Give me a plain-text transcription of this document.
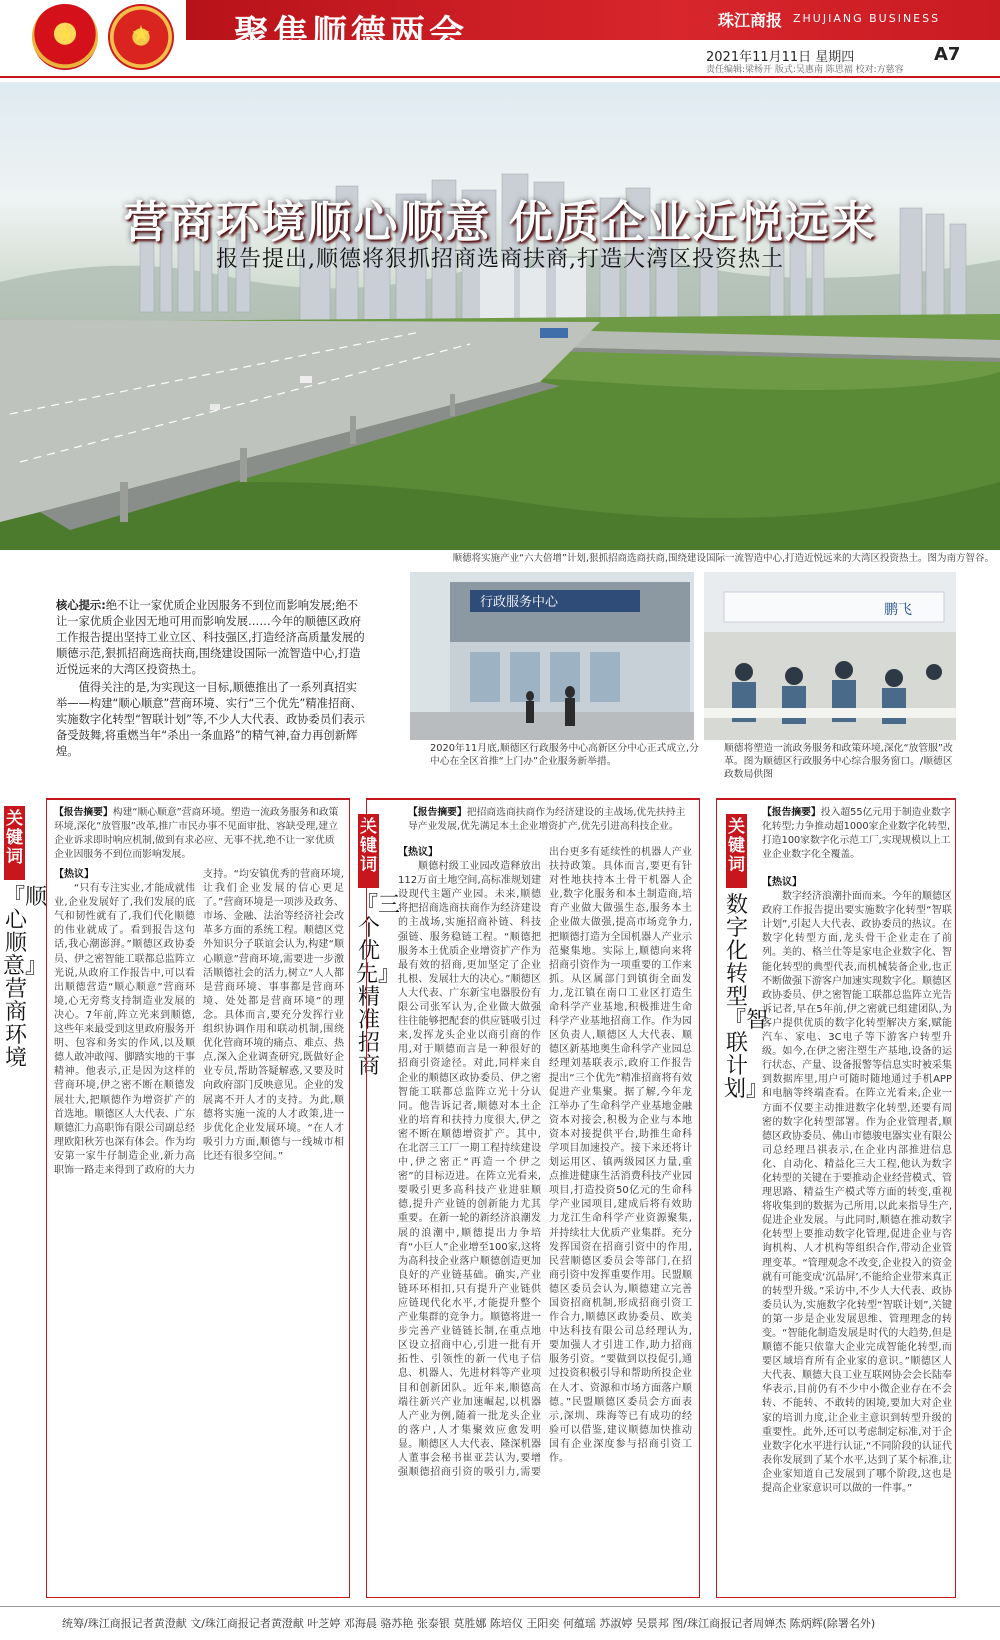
★
★
聚焦顺德两会	珠江商报 ZHUJIANG BUSINESS
2021年11月11日 星期四	A7
责任编辑:梁杨开 版式:吴惠南 陈思福 校对:方慈容
营商环境顺心顺意 优质企业近悦远来
报告提出,顺德将狠抓招商选商扶商,打造大湾区投资热土
顺德将实施产业“六大倍增”计划,狠抓招商选商扶商,围绕建设国际一流智造中心,打造近悦远来的大湾区投资热土。图为南方智谷。

核心提示:绝不让一家优质企业因服务不到位而影响发展;绝不让一家优质企业因无地可用而影响发展……今年的顺德区政府工作报告提出坚持工业立区、科技强区,打造经济高质量发展的顺德示范,狠抓招商选商扶商,围绕建设国际一流智造中心,打造近悦远来的大湾区投资热土。

值得关注的是,为实现这一目标,顺德推出了一系列真招实举——构建“顺心顺意”营商环境、实行“三个优先”精准招商、实施数字化转型“智联计划”等,不少人大代表、政协委员们表示备受鼓舞,将重燃当年“杀出一条血路”的精气神,奋力再创新辉煌。

行政服务中心
2020年11月底,顺德区行政服务中心高新区分中心正式成立,分中心在全区首推“上门办”企业服务新举措。
鹏飞
顺德将塑造一流政务服务和政策环境,深化“放管服”改革。图为顺德区行政服务中心综合服务窗口。/顺德区政数局供图
关键词
『顺心顺意』营商环境
【报告摘要】构建“顺心顺意”营商环境。塑造一流政务服务和政策环境,深化“放管服”改革,推广市民办事不见面审批、容缺受理,建立企业诉求即时响应机制,做到有求必应、无事不扰,绝不让一家优质企业因服务不到位而影响发展。
【热议】
“只有专注实业,才能成就伟业,企业发展好了,我们发展的底气和韧性就有了,我们代化顺德的伟业就成了。看到报告这句话,我心潮澎湃。”顺德区政协委员、伊之密智能工联都总监阵立光说,从政府工作报告中,可以看出顺德营造“顺心顺意”营商环境,心无旁骛支持制造业发展的决心。7年前,阵立光来到顺德,这些年来最受到这里政府服务开明、包容和务实的作风,以及顺德人敢冲敢闯、脚踏实地的干事精神。他表示,正是因为这样的营商环境,伊之密不断在顺德发展壮大,把顺德作为增资扩产的首选地。顺德区人大代表、广东顺德汇力高职饰有限公司副总经理欧阳秋芳也深有体会。作为均安第一家牛仔制造企业,新力高职饰一路走来得到了政府的大力支持。“均安镇优秀的营商环境,让我们企业发展的信心更足了。”营商环境是一项涉及政务、市场、金融、法治等经济社会改革多方面的系统工程。顺德区党外知识分子联谊会认为,构建“顺心顺意”营商环境,需要进一步激活顺德社会的活力,树立“人人都是营商环境、事事都是营商环境、处处都是营商环境”的理念。具体而言,要充分发挥行业组织协调作用和联动机制,围绕优化营商环境的痛点、难点、热点,深入企业调查研究,既做好企业专员,帮助答疑解惑,又要及时向政府部门反映意见。企业的发展离不开人才的支持。为此,顺德将实施一流的人才政策,进一步优化企业发展环境。“在人才吸引力方面,顺德与一线城市相比还有很多空间。”
关键词
『三个优先』精准招商
【报告摘要】把招商选商扶商作为经济建设的主战场,优先扶持主导产业发展,优先满足本土企业增资扩产,优先引进高科技企业。
【热议】
顺德村级工业园改造释放出112万亩土地空间,高标准规划建设现代主题产业园。未来,顺德将把招商选商扶商作为经济建设的主战场,实施招商补链、科技强链、服务稳链工程。“顺德把服务本土优质企业增资扩产作为最有效的招商,更加坚定了企业扎根、发展壮大的决心。”顺德区人大代表、广东新宝电器股份有限公司张军认为,企业做大做强往往能够把配套的供应链吸引过来,发挥龙头企业以商引商的作用,对于顺德而言是一种很好的招商引资途径。对此,同样来自企业的顺德区政协委员、伊之密智能工联都总监阵立光十分认同。他告诉记者,顺德对本土企业的培育和扶持力度很大,伊之密不断在顺德增资扩产。其中,在北滘三工厂一期工程持续建设中,伊之密正“再造一个伊之密”的目标迈进。在阵立光看来,要吸引更多高科技产业进驻顺德,提升产业链的创新能力尤其重要。在新一轮的新经济浪潮发展的浪潮中,顺德提出力争培育“小巨人”企业增至100家,这将为高科技企业落户顺德创造更加良好的产业链基础。确实,产业链环环相扣,只有提升产业链供应链现代化水平,才能提升整个产业集群的竞争力。顺德将进一步完善产业链链长制,在重点地区设立招商中心,引进一批有开拓性、引领性的新一代电子信息、机器人、先进材料等产业项目和创新团队。近年来,顺德高端往新兴产业加速崛起,以机器人产业为例,随着一批龙头企业的落户,人才集聚效应愈发明显。顺德区人大代表、隆深机器人董事会秘书崔亚芸认为,要增强顺德招商引资的吸引力,需要出台更多有延续性的机器人产业扶持政策。具体而言,要更有针对性地扶持本土骨干机器人企业,数字化服务和本土制造商,培育产业做大做强生态,服务本土企业做大做强,提高市场竞争力,把顺德打造为全国机器人产业示范聚集地。实际上,顺德向来将招商引资作为一项重要的工作来抓。从区属部门到镇街全面发力,龙江镇在南口工业区打造生命科学产业基地,积极推进生命科学产业基地招商工作。作为园区负责人,顺德区人大代表、顺德区新基地奥生命科学产业园总经理刘基联表示,政府工作报告提出“三个优先”精准招商将有效促进产业集聚。据了解,今年龙江举办了生命科学产业基地金融资本对接会,积极为企业与本地资本对接提供平台,助推生命科学项目加速投产。接下来还将计划运用区、镇两级园区力量,重点推进健康生活消费科技产业园项目,打造投资50亿元的生命科学产业园项目,建成后将有效助力龙江生命科学产业资源聚集,并持续壮大优质产业集群。充分发挥国资在招商引资中的作用,民营顺德区委员会等部门,在招商引资中发挥重要作用。民盟顺德区委员会认为,顺德建立完善国资招商机制,形成招商引资工作合力,顺德区政协委员、欧美中达科技有限公司总经理认为,要加强人才引进工作,助力招商服务引资。“要做到以投促引,通过投资积极引导和帮助所投企业在人才、资源和市场方面落户顺德。”民盟顺德区委员会方面表示,深圳、珠海等已有成功的经验可以借鉴,建议顺德加快推动国有企业深度参与招商引资工作。
关键词
数字化转型『智联计划』
【报告摘要】投入超55亿元用于制造业数字化转型;力争推动超1000家企业数字化转型,打造100家数字化示范工厂,实现规模以上工业企业数字化全覆盖。
【热议】
数字经济浪潮扑面而来。今年的顺德区政府工作报告提出要实施数字化转型“智联计划”,引起人大代表、政协委员的热议。在数字化转型方面,龙头骨干企业走在了前列。美的、格兰仕等是家电企业数字化、智能化转型的典型代表,而机械装备企业,也正不断做强下游客户加速实现数字化。顺德区政协委员、伊之密智能工联都总监阵立光告诉记者,早在5年前,伊之密就已组建团队,为客户提供优质的数字化转型解决方案,赋能汽车、家电、3C电子等下游客户转型升级。如今,在伊之密注塑生产基地,设备的运行状态、产量、设备报警等信息实时被采集到数据库里,用户可随时随地通过手机APP和电脑等终端查看。在阵立光看来,企业一方面不仅要主动推进数字化转型,还要有周密的数字化转型部署。作为企业管理者,顺德区政协委员、佛山市德骏电器实业有限公司总经理吕祺表示,在企业内部推进信息化、自动化、精益化三大工程,他认为数字化转型的关键在于要推动企业经营模式、管理思路、精益生产模式等方面的转变,重视将收集到的数据为己所用,以此来指导生产,促进企业发展。与此同时,顺德在推动数字化转型上要推动数字化管理,促进企业与咨询机构、人才机构等组织合作,带动企业管理变革。“管理观念不改变,企业投入的资金就有可能变成‘沉晶屏’,不能给企业带来真正的转型升级。”采访中,不少人大代表、政协委员认为,实施数字化转型“智联计划”,关键的第一步是企业发展思维、管理理念的转变。“智能化制造发展是时代的大趋势,但是顺德不能只依靠大企业完成智能化转型,而要区域培育所有企业家的意识。”顺德区人大代表、顺德大良工业互联网协会会长陆奉华表示,目前仍有不少中小微企业存在不会转、不能转、不敢转的困境,要加大对企业家的培训力度,让企业主意识到转型升级的重要性。此外,还可以考虑制定标准,对于企业数字化水平进行认证,“不同阶段的认证代表你发展到了某个水平,达到了某个标准,让企业家知道自己发展到了哪个阶段,这也是提高企业家意识可以做的一件事。”
统筹/珠江商报记者黄澄献 文/珠江商报记者黄澄献 叶芝婷 邓海晨 骆苏艳 张泰银 莫胜娜 陈培仪 王阳奕 何蕴瑶 苏淑婷 吴景邦 图/珠江商报记者周婵杰 陈炳辉(除署名外)
